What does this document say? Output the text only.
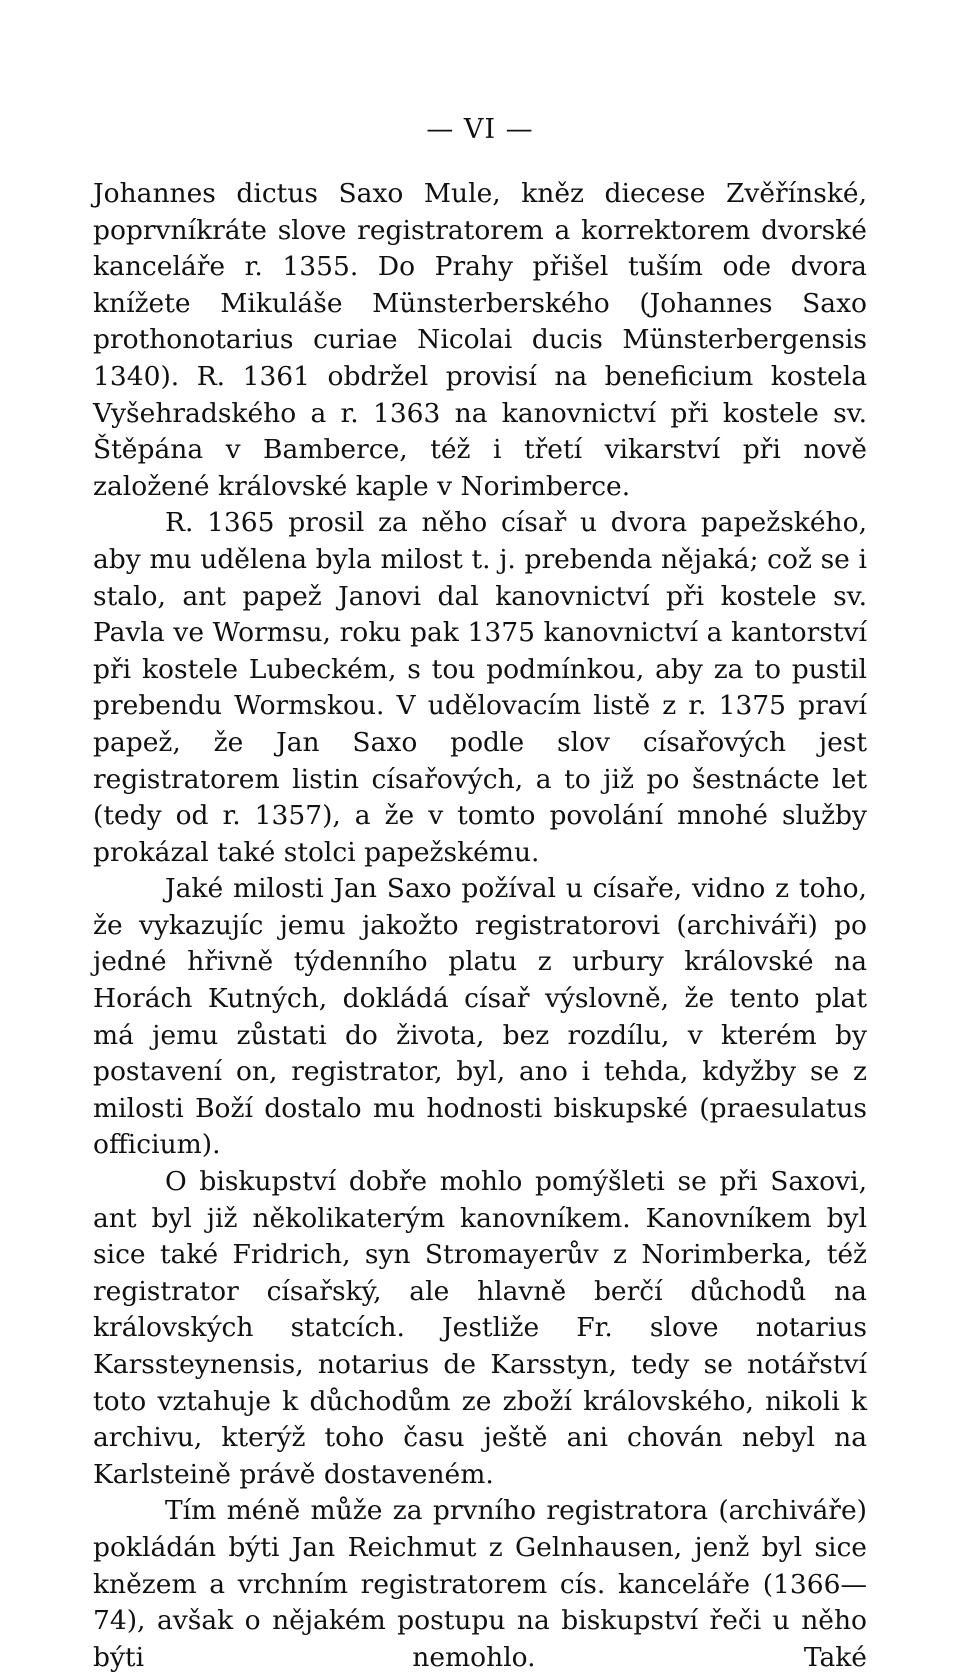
— VI —

Johannes dictus Saxo Mule, kněz diecese Zvěřínské, poprvníkráte slove registratorem a korrektorem dvorské kanceláře r. 1355. Do Prahy přišel tuším ode dvora knížete Mikuláše Münsterberského (Johannes Saxo prothonotarius curiae Nicolai ducis Münsterbergensis 1340). R. 1361 obdržel provisí na beneficium kostela Vyšehradského a r. 1363 na kanovnictví při kostele sv. Štěpána v Bamberce, též i třetí vikarství při nově založené královské kaple v Norimberce.

R. 1365 prosil za něho císař u dvora papežského, aby mu udělena byla milost t. j. prebenda nějaká; což se i stalo, ant papež Janovi dal kanovnictví při kostele sv. Pavla ve Wormsu, roku pak 1375 kanovnictví a kantorství při kostele Lubeckém, s tou podmínkou, aby za to pustil prebendu Wormskou. V udělovacím listě z r. 1375 praví papež, že Jan Saxo podle slov císařových jest registratorem listin císařových, a to již po šestnácte let (tedy od r. 1357), a že v tomto povolání mnohé služby prokázal také stolci papežskému.

Jaké milosti Jan Saxo požíval u císaře, vidno z toho, že vykazujíc jemu jakožto registratorovi (archiváři) po jedné hřivně týdenního platu z urbury královské na Horách Kutných, dokládá císař výslovně, že tento plat má jemu zůstati do života, bez rozdílu, v kterém by postavení on, registrator, byl, ano i tehda, kdyžby se z milosti Boží dostalo mu hodnosti biskupské (praesulatus officium).

O biskupství dobře mohlo pomýšleti se při Saxovi, ant byl již několikaterým kanovníkem. Kanovníkem byl sice také Fridrich, syn Stromayerův z Norimberka, též registrator císařský, ale hlavně berčí důchodů na královských statcích. Jestliže Fr. slove notarius Karssteynensis, notarius de Karsstyn, tedy se notářství toto vztahuje k důchodům ze zboží královského, nikoli k archivu, kterýž toho času ještě ani chován nebyl na Karlsteině právě dostaveném.

Tím méně může za prvního registratora (archiváře) pokládán býti Jan Reichmut z Gelnhausen, jenž byl sice knězem a vrchním registratorem cís. kanceláře (1366—74), avšak o nějakém postupu na biskupství řeči u něho býti nemohlo. Také
